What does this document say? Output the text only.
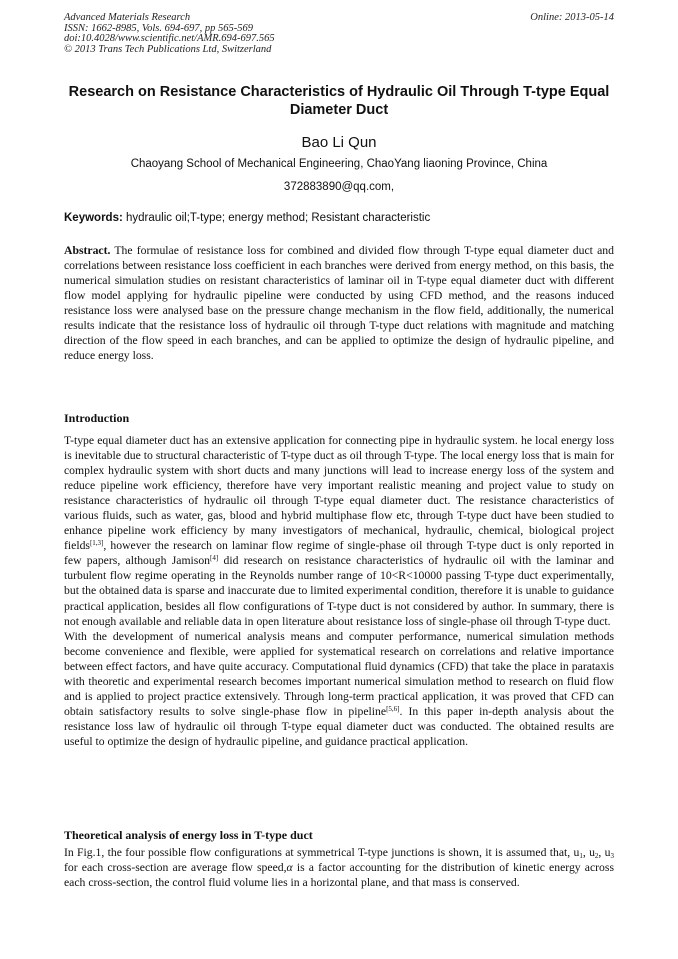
Advanced Materials Research
ISSN: 1662-8985, Vols. 694-697, pp 565-569
doi:10.4028/www.scientific.net/AMR.694-697.565
© 2013 Trans Tech Publications Ltd, Switzerland
Online: 2013-05-14
Research on Resistance Characteristics of Hydraulic Oil Through T-type Equal Diameter Duct
Bao Li Qun
Chaoyang School of Mechanical Engineering, ChaoYang liaoning Province, China
372883890@qq.com,
Keywords: hydraulic oil;T-type; energy method; Resistant characteristic

Abstract. The formulae of resistance loss for combined and divided flow through T-type equal diameter duct and correlations between resistance loss coefficient in each branches were derived from energy method, on this basis, the numerical simulation studies on resistant characteristics of laminar oil in T-type equal diameter duct with different flow model applying for hydraulic pipeline were conducted by using CFD method, and the reasons induced resistance loss were analysed base on the pressure change mechanism in the flow field, additionally, the numerical results indicate that the resistance loss of hydraulic oil through T-type duct relations with magnitude and matching direction of the flow speed in each branches, and can be applied to optimize the design of hydraulic pipeline, and reduce energy loss.

Introduction

T-type equal diameter duct has an extensive application for connecting pipe in hydraulic system. he local energy loss is inevitable due to structural characteristic of T-type duct as oil through T-type. The local energy loss that is main for complex hydraulic system with short ducts and many junctions will lead to increase energy loss of the system and reduce pipeline work efficiency, therefore have very important realistic meaning and project value to study on resistance characteristics of hydraulic oil through T-type equal diameter duct. The resistance characteristics of various fluids, such as water, gas, blood and hybrid multiphase flow etc, through T-type duct have been studied to enhance pipeline work efficiency by many investigators of mechanical, hydraulic, chemical, biological project fields[1,3], however the research on laminar flow regime of single-phase oil through T-type duct is only reported in few papers, although Jamison[4] did research on resistance characteristics of hydraulic oil with the laminar and turbulent flow regime operating in the Reynolds number range of 10<R<10000 passing T-type duct experimentally, but the obtained data is sparse and inaccurate due to limited experimental condition, therefore it is unable to guidance practical application, besides all flow configurations of T-type duct is not considered by author. In summary, there is not enough available and reliable data in open literature about resistance loss of single-phase oil through T-type duct.

With the development of numerical analysis means and computer performance, numerical simulation methods become convenience and flexible, were applied for systematical research on correlations and relative importance between effect factors, and have quite accuracy. Computational fluid dynamics (CFD) that take the place in parataxis with theoretic and experimental research becomes important numerical simulation method to research on fluid flow and is applied to project practice extensively. Through long-term practical application, it was proved that CFD can obtain satisfactory results to solve single-phase flow in pipeline[5,6]. In this paper in-depth analysis about the resistance loss law of hydraulic oil through T-type equal diameter duct was conducted. The obtained results are useful to optimize the design of hydraulic pipeline, and guidance practical application.

Theoretical analysis of energy loss in T-type duct

In Fig.1, the four possible flow configurations at symmetrical T-type junctions is shown, it is assumed that, $u_1$, $u_2$, $u_3$ for each cross-section are average flow speed,α is a factor accounting for the distribution of kinetic energy across each cross-section, the control fluid volume lies in a horizontal plane, and that mass is conserved.
